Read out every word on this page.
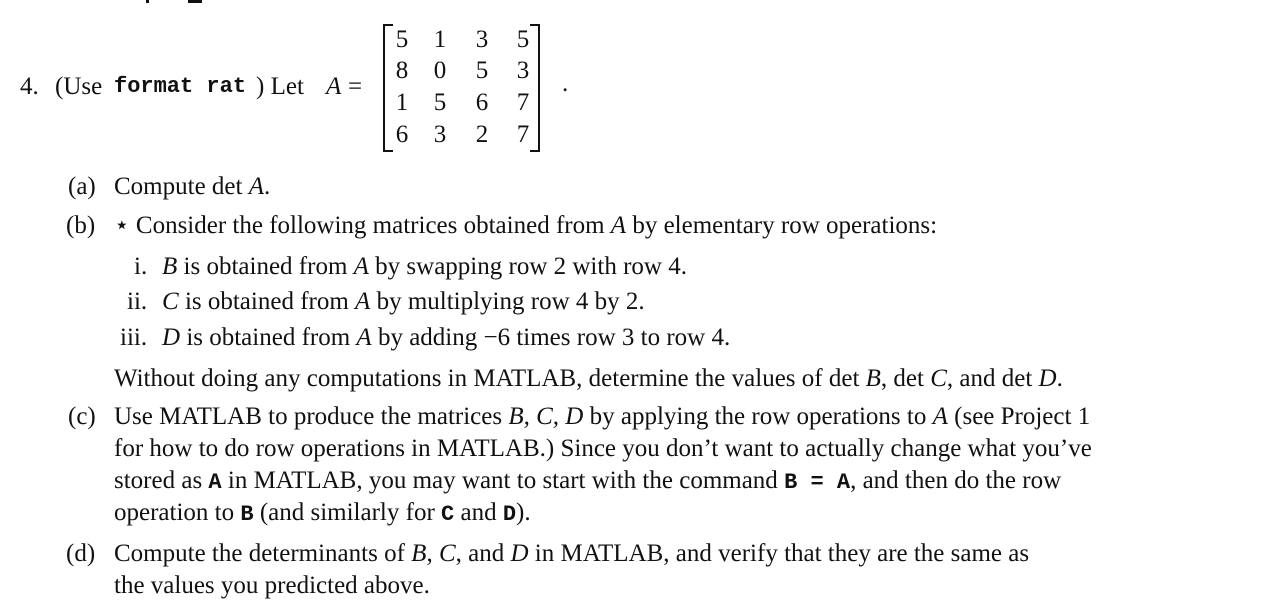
4. (Use format rat ) Let A =
5 1 3 5
8 0 5 3
1 5 6 7
6 3 2 7
.
(a) Compute det A.
(b) ⋆ Consider the following matrices obtained from A by elementary row operations:
i. B is obtained from A by swapping row 2 with row 4.
ii. C is obtained from A by multiplying row 4 by 2.
iii. D is obtained from A by adding −6 times row 3 to row 4.
Without doing any computations in MATLAB, determine the values of det B, det C, and det D.
(c) Use MATLAB to produce the matrices B, C, D by applying the row operations to A (see Project 1
for how to do row operations in MATLAB.) Since you don’t want to actually change what you’ve
stored as A in MATLAB, you may want to start with the command B = A, and then do the row
operation to B (and similarly for C and D).
(d) Compute the determinants of B, C, and D in MATLAB, and verify that they are the same as
the values you predicted above.
